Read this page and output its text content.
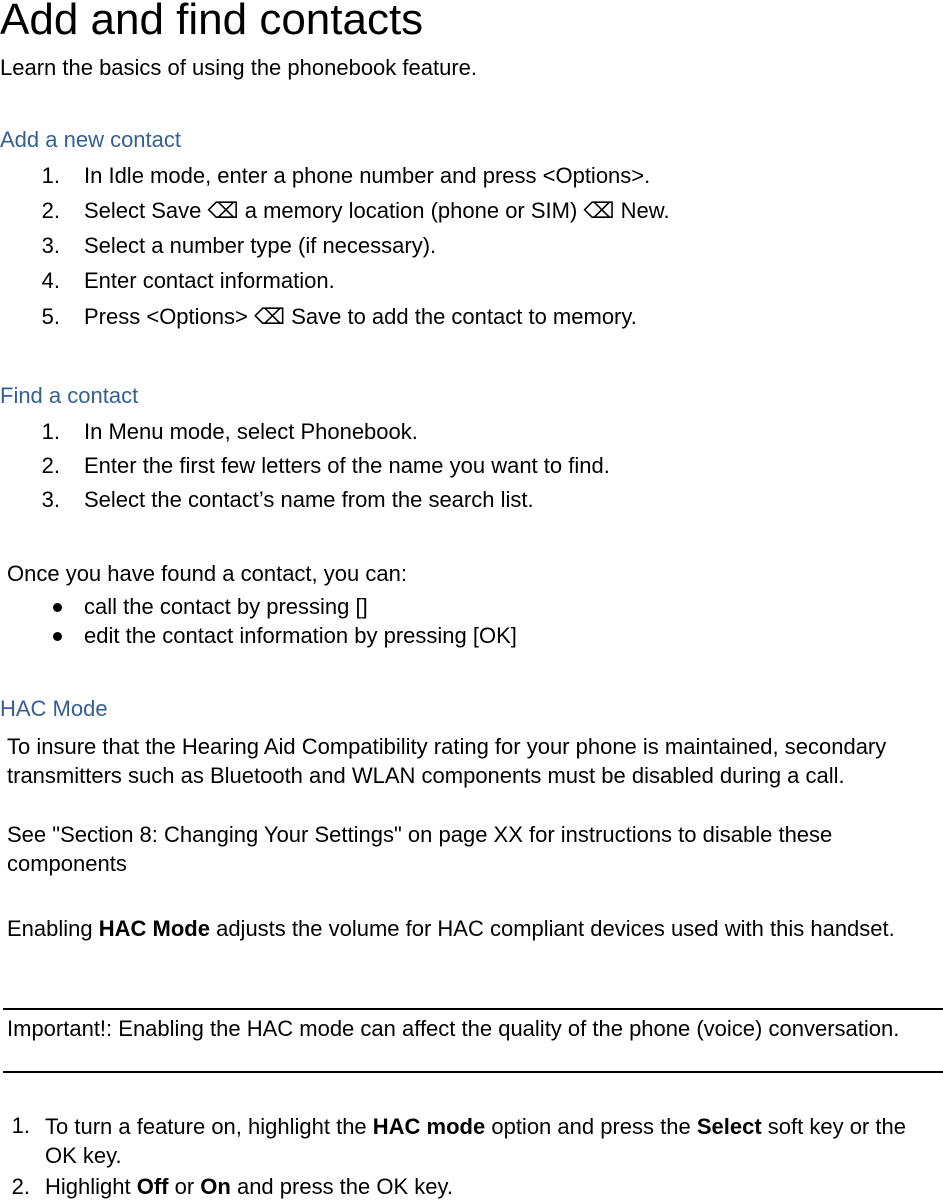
Add and find contacts
Learn the basics of using the phonebook feature.
Add a new contact
1. In Idle mode, enter a phone number and press <Options>.
2. Select Save ⌫ a memory location (phone or SIM) ⌫ New.
3. Select a number type (if necessary).
4. Enter contact information.
5. Press <Options> ⌫ Save to add the contact to memory.
Find a contact
1. In Menu mode, select Phonebook.
2. Enter the first few letters of the name you want to find.
3. Select the contact’s name from the search list.
Once you have found a contact, you can:
call the contact by pressing []
edit the contact information by pressing [OK]
HAC Mode
To insure that the Hearing Aid Compatibility rating for your phone is maintained, secondary transmitters such as Bluetooth and WLAN components must be disabled during a call.
See "Section 8: Changing Your Settings" on page XX for instructions to disable these components
Enabling HAC Mode adjusts the volume for HAC compliant devices used with this handset.
Important!: Enabling the HAC mode can affect the quality of the phone (voice) conversation.
1. To turn a feature on, highlight the HAC mode option and press the Select soft key or the OK key.
2. Highlight Off or On and press the OK key.
